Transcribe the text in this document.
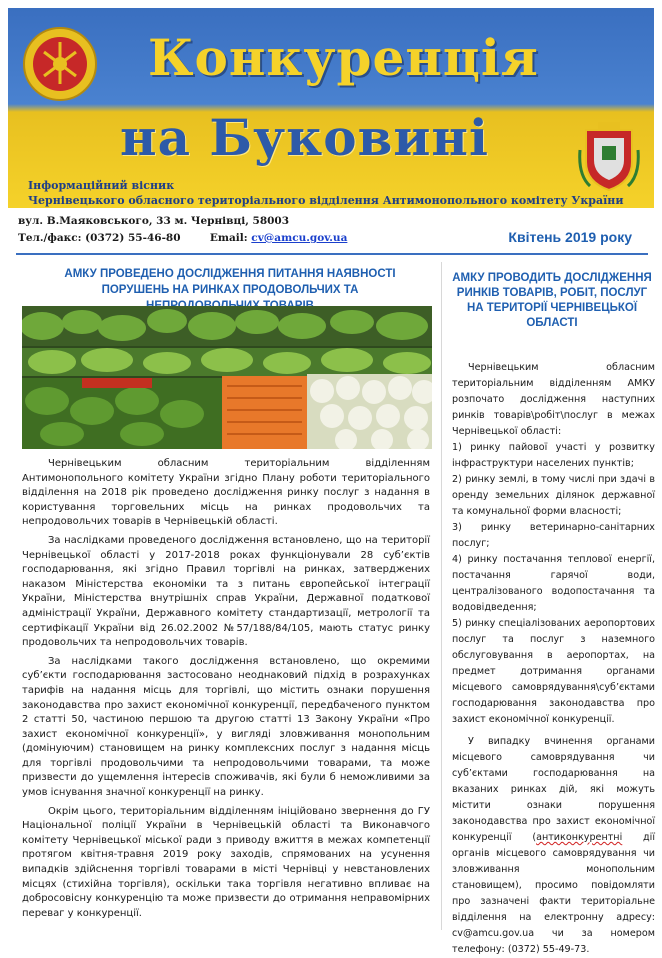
Конкуренція
на Буковині
Інформаційний вісник
Чернівецького обласного територіального відділення Антимонопольного комітету України
вул. В.Маяковського, 33 м. Чернівці, 58003
Тел./факс: (0372) 55-46-80	Email: cv@amcu.gov.ua	Квітень 2019 року
АМКУ ПРОВЕДЕНО ДОСЛІДЖЕННЯ ПИТАННЯ НАЯВНОСТІ ПОРУШЕНЬ НА РИНКАХ ПРОДОВОЛЬЧИХ ТА

Чернівецьким обласним територіальним відділенням Антимонопольного комітету України згідно Плану роботи територіального відділення на 2018 рік проведено дослідження ринку послуг з надання в користування торговельних місць на ринках продовольчих та непродовольчих товарів в Чернівецькій області.

За наслідками проведеного дослідження встановлено, що на території Чернівецької області у 2017-2018 роках функціонували 28 суб’єктів господарювання, які згідно Правил торгівлі на ринках, затверджених наказом Міністерства економіки та з питань європейської інтеграції України, Міністерства внутрішніх справ України, Державної податкової адміністрації України, Державного комітету стандартизації, метрології та сертифікації України від 26.02.2002 №57/188/84/105, мають статус ринку продовольчих та непродовольчих товарів.

За наслідками такого дослідження встановлено, що окремими суб’єкти господарювання застосовано неоднаковий підхід в розрахунках тарифів на надання місць для торгівлі, що містить ознаки порушення законодавства про захист економічної конкуренції, передбаченого пунктом 2 статті 50, частиною першою та другою статті 13 Закону України «Про захист економічної конкуренції», у вигляді зловживання монопольним (домінуючим) становищем на ринку комплексних послуг з надання місць для торгівлі продовольчими та непродовольчими товарами, та може призвести до ущемлення інтересів споживачів, які були б неможливими за умов існування значної конкуренції на ринку.

Окрім цього, територіальним відділенням ініційовано звернення до ГУ Національної поліції України в Чернівецькій області та Виконавчого комітету Чернівецької міської ради з приводу вжиття в межах компетенції протягом квітня-травня 2019 року заходів, спрямованих на усунення випадків здійснення торгівлі товарами в місті Чернівці у невстановлених місцях (стихійна торгівля), оскільки така торгівля негативно впливає на добросовісну конкуренцію та може призвести до отримання неправомірних переваг у конкуренції.

АМКУ ПРОВОДИТЬ ДОСЛІДЖЕННЯ РИНКІВ ТОВАРІВ, РОБІТ, ПОСЛУГ НА ТЕРИТОРІЇ ЧЕРНІВЕЦЬКОЇ ОБЛАСТІ

Чернівецьким обласним територіальним відділенням АМКУ розпочато дослідження наступних ринків товарів\робіт\послуг в межах Чернівецької області:

1) ринку пайової участі у розвитку інфраструктури населених пунктів;

2) ринку землі, в тому числі при здачі в оренду земельних ділянок державної та комунальної форми власності;

3) ринку ветеринарно-санітарних послуг;

4) ринку постачання теплової енергії, постачання гарячої води, централізованого водопостачання та водовідведення;

5) ринку спеціалізованих аеропортових послуг та послуг з наземного обслуговування в аеропортах, на предмет дотримання органами місцевого самоврядування\суб’єктами господарювання законодавства про захист економічної конкуренції.

У випадку вчинення органами місцевого самоврядування чи суб’єктами господарювання на вказаних ринках дій, які можуть містити ознаки порушення законодавства про захист економічної конкуренції (антиконкурентні дії органів місцевого самоврядування чи зловживання монопольним становищем), просимо повідомляти про зазначені факти територіальне відділення на електронну адресу: cv@amcu.gov.ua чи за номером телефону: (0372) 55-49-73.
